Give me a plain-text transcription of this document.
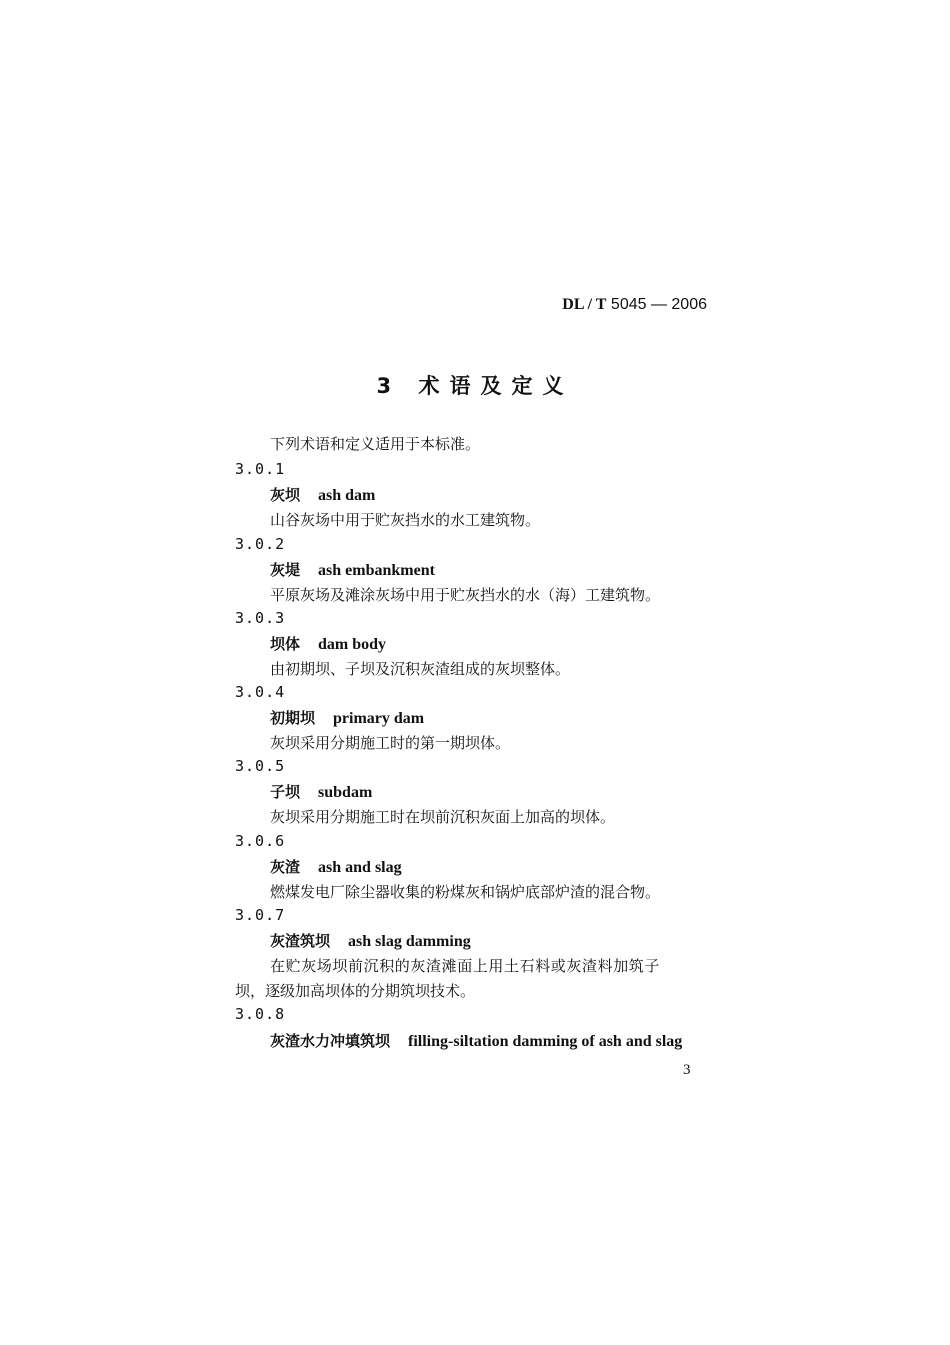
DL / T 5045 — 2006
3 术语及定义
下列术语和定义适用于本标准。
3.0.1
灰坝 ash dam
山谷灰场中用于贮灰挡水的水工建筑物。
3.0.2
灰堤 ash embankment
平原灰场及滩涂灰场中用于贮灰挡水的水（海）工建筑物。
3.0.3
坝体 dam body
由初期坝、子坝及沉积灰渣组成的灰坝整体。
3.0.4
初期坝 primary dam
灰坝采用分期施工时的第一期坝体。
3.0.5
子坝 subdam
灰坝采用分期施工时在坝前沉积灰面上加高的坝体。
3.0.6
灰渣 ash and slag
燃煤发电厂除尘器收集的粉煤灰和锅炉底部炉渣的混合物。
3.0.7
灰渣筑坝 ash slag damming
在贮灰场坝前沉积的灰渣滩面上用土石料或灰渣料加筑子
坝，逐级加高坝体的分期筑坝技术。
3.0.8
灰渣水力冲填筑坝 filling-siltation damming of ash and slag
3
